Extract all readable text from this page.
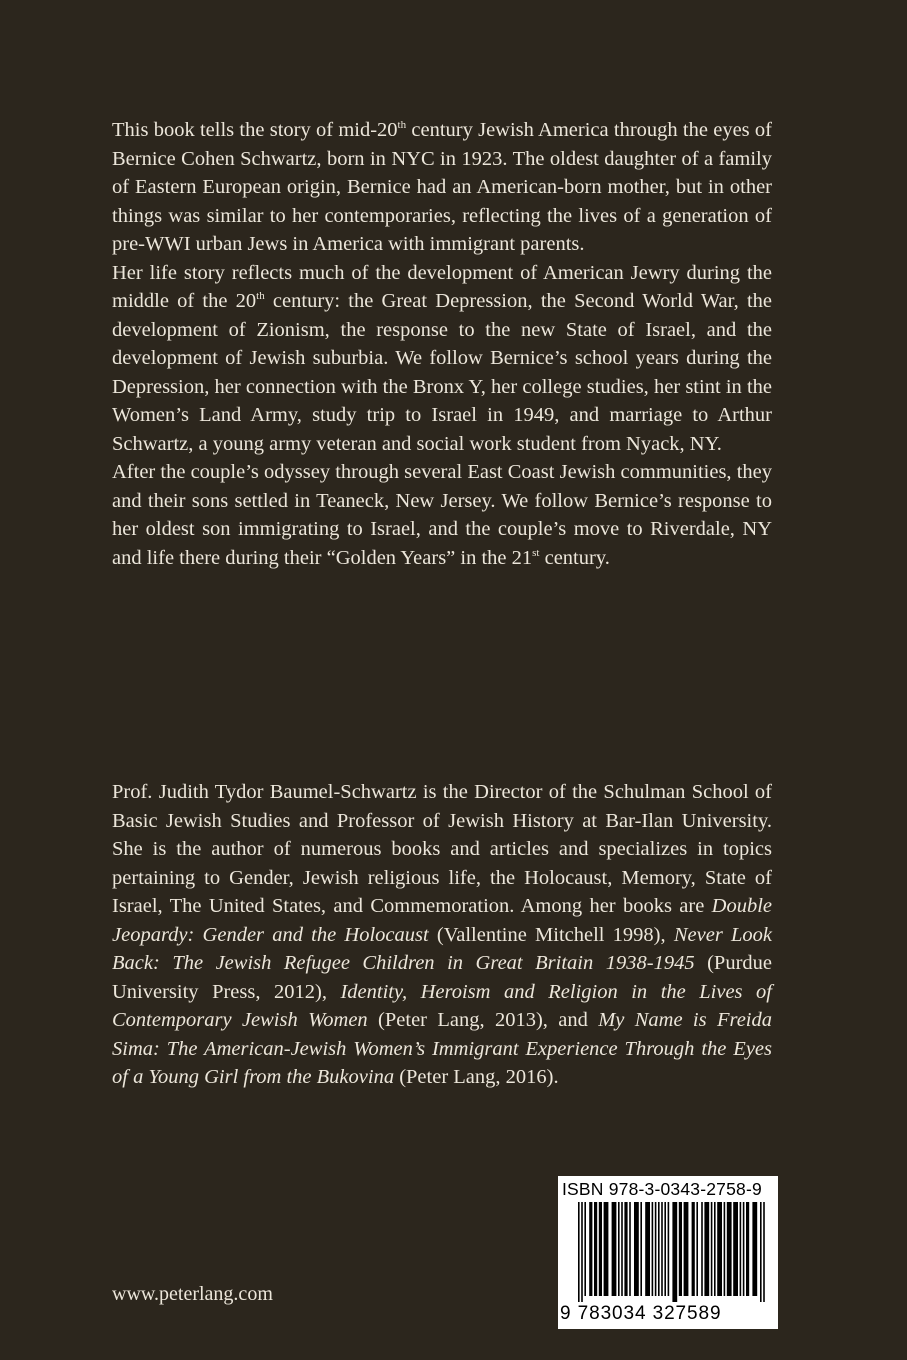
This book tells the story of mid-20th century Jewish America through the eyes of Bernice Cohen Schwartz, born in NYC in 1923. The oldest daughter of a family of Eastern European origin, Bernice had an American-born mother, but in other things was similar to her contemporaries, reflecting the lives of a generation of pre-WWI urban Jews in America with immigrant parents.

Her life story reflects much of the development of American Jewry during the middle of the 20th century: the Great Depression, the Second World War, the development of Zionism, the response to the new State of Israel, and the development of Jewish suburbia. We follow Bernice’s school years during the Depression, her connection with the Bronx Y, her college studies, her stint in the Women’s Land Army, study trip to Israel in 1949, and marriage to Arthur Schwartz, a young army veteran and social work student from Nyack, NY.

After the couple’s odyssey through several East Coast Jewish communities, they and their sons settled in Teaneck, New Jersey. We follow Bernice’s response to her oldest son immigrating to Israel, and the couple’s move to Riverdale, NY and life there during their “Golden Years” in the 21st century.

Prof. Judith Tydor Baumel-Schwartz is the Director of the Schulman School of Basic Jewish Studies and Professor of Jewish History at Bar-Ilan University. She is the author of numerous books and articles and specializes in topics pertaining to Gender, Jewish religious life, the Holocaust, Memory, State of Israel, The United States, and Commemoration. Among her books are Double Jeopardy: Gender and the Holocaust (Vallentine Mitchell 1998), Never Look Back: The Jewish Refugee Children in Great Britain 1938-1945 (Purdue University Press, 2012), Identity, Heroism and Religion in the Lives of Contemporary Jewish Women (Peter Lang, 2013), and My Name is Freida Sima: The American-Jewish Women’s Immigrant Experience Through the Eyes of a Young Girl from the Bukovina (Peter Lang, 2016).

www.peterlang.com
ISBN 978-3-0343-2758-9
9 783034 327589
